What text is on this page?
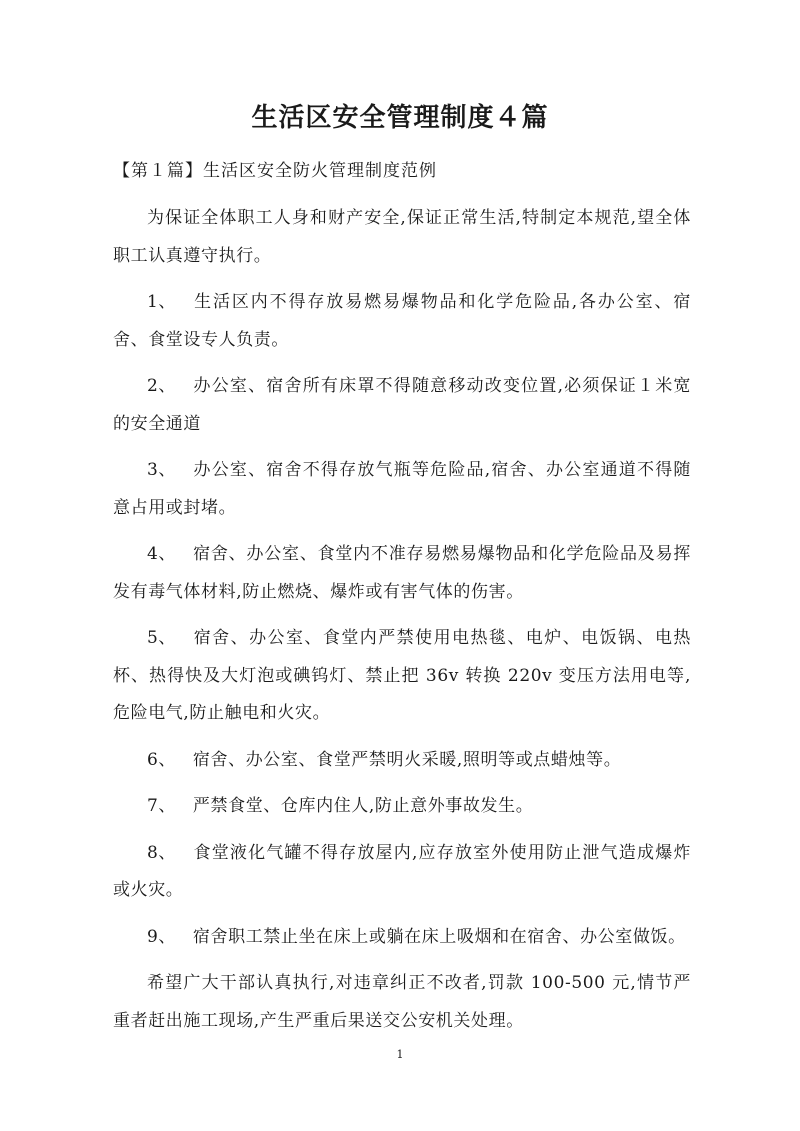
生活区安全管理制度４篇
【第１篇】生活区安全防火管理制度范例

为保证全体职工人身和财产安全,保证正常生活,特制定本规范,望全体职工认真遵守执行。

1、 生活区内不得存放易燃易爆物品和化学危险品,各办公室、宿舍、食堂设专人负责。

2、 办公室、宿舍所有床罩不得随意移动改变位置,必须保证１米宽的安全通道

3、 办公室、宿舍不得存放气瓶等危险品,宿舍、办公室通道不得随意占用或封堵。

4、 宿舍、办公室、食堂内不准存易燃易爆物品和化学危险品及易挥发有毒气体材料,防止燃烧、爆炸或有害气体的伤害。

5、 宿舍、办公室、食堂内严禁使用电热毯、电炉、电饭锅、电热杯、热得快及大灯泡或碘钨灯、禁止把 36v 转换 220v 变压方法用电等,危险电气,防止触电和火灾。

6、 宿舍、办公室、食堂严禁明火采暖,照明等或点蜡烛等。

7、 严禁食堂、仓库内住人,防止意外事故发生。

8、 食堂液化气罐不得存放屋内,应存放室外使用防止泄气造成爆炸或火灾。

9、 宿舍职工禁止坐在床上或躺在床上吸烟和在宿舍、办公室做饭。

希望广大干部认真执行,对违章纠正不改者,罚款 100-500 元,情节严重者赶出施工现场,产生严重后果送交公安机关处理。

1
